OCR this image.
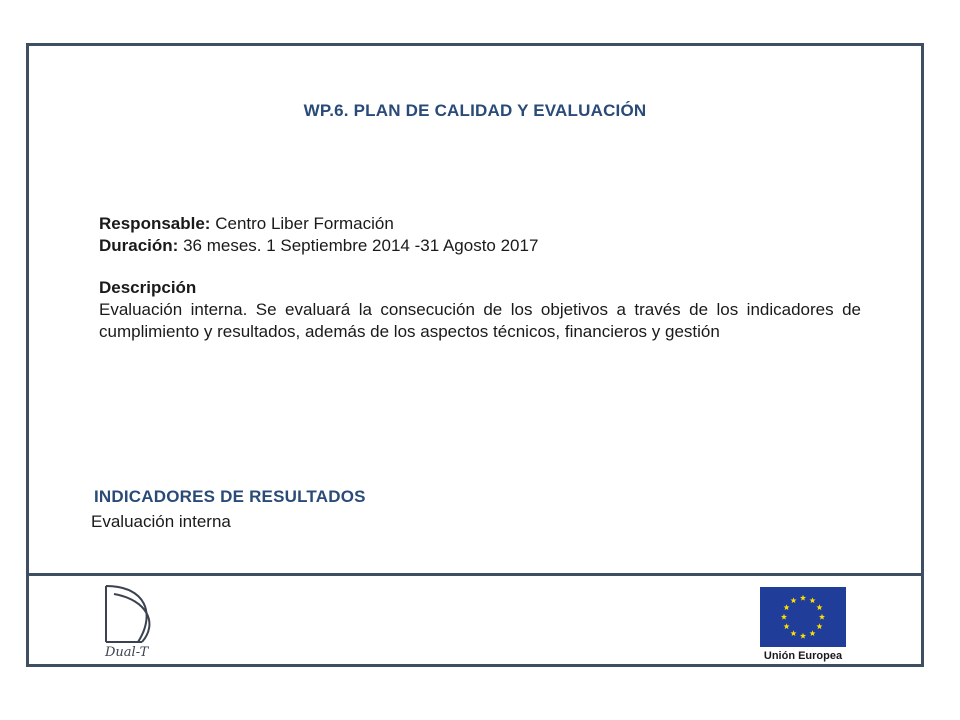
WP.6. PLAN DE CALIDAD Y EVALUACIÓN

Responsable: Centro Liber Formación

Duración: 36 meses. 1 Septiembre 2014 -31 Agosto 2017

Descripción

Evaluación interna. Se evaluará la consecución de los objetivos a través de los indicadores de cumplimiento y resultados, además de los aspectos técnicos, financieros y gestión

INDICADORES DE RESULTADOS
Evaluación interna
Dual-T	Unión Europea
